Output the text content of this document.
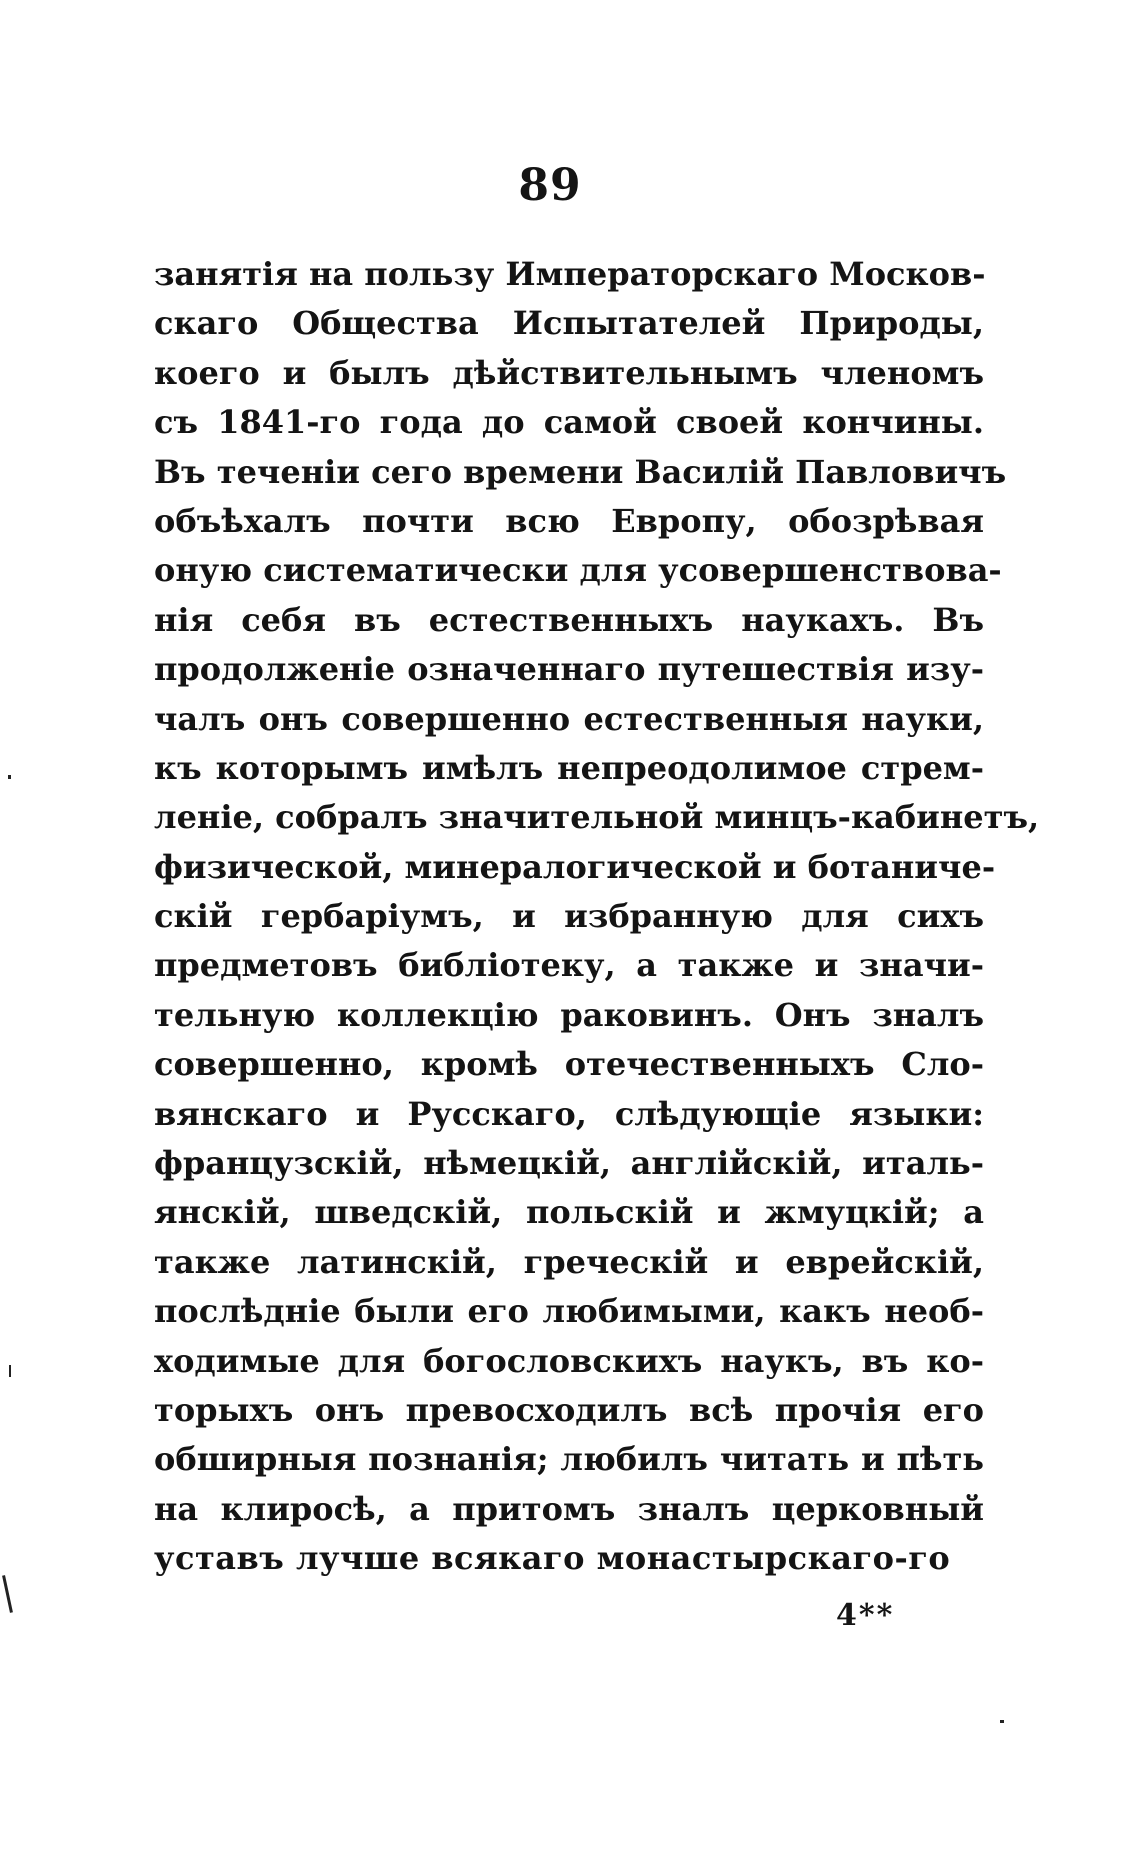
89
занятія на пользу Императорскаго Москов-
скаго Общества Испытателей Природы,
коего и былъ дѣйствительнымъ членомъ
съ 1841-го года до самой своей кончины.
Въ теченіи сего времени Василій Павловичъ
объѣхалъ почти всю Европу, обозрѣвая
оную систематически для усовершенствова-
нія себя въ естественныхъ наукахъ. Въ
продолженіе означеннаго путешествія изу-
чалъ онъ совершенно естественныя науки,
къ которымъ имѣлъ непреодолимое стрем-
леніе, собралъ значительной минцъ-кабинетъ,
физической, минералогической и ботаниче-
скій гербаріумъ, и избранную для сихъ
предметовъ библіотеку, а также и значи-
тельную коллекцію раковинъ. Онъ зналъ
совершенно, кромѣ отечественныхъ Сло-
вянскаго и Русскаго, слѣдующіе языки:
французскій, нѣмецкій, англійскій, италь-
янскій, шведскій, польскій и жмуцкій; а
также латинскій, греческій и еврейскій,
послѣдніе были его любимыми, какъ необ-
ходимые для богословскихъ наукъ, въ ко-
торыхъ онъ превосходилъ всѣ прочія его
обширныя познанія; любилъ читать и пѣть
на клиросѣ, а притомъ зналъ церковный
уставъ лучше всякаго монастырскаго-го
4**
